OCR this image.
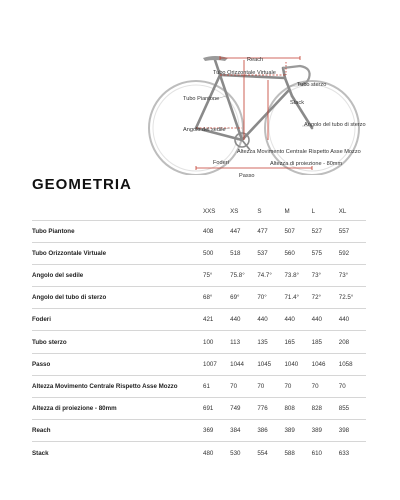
Reach
Tubo Orizzontale Virtuale
Tubo Piantone
Tubo sterzo
Stack
Angolo del tubo di sterzo
Angolo del sedile
Altezza Movimento Centrale Rispetto Asse Mozzo
Foderi	Altezza di proiezione - 80mm
Passo
GEOMETRIA
	XXS	XS	S	M	L	XL
Tubo Piantone	408	447	477	507	527	557
Tubo Orizzontale Virtuale	500	518	537	560	575	592
Angolo del sedile	75°	75.8°	74.7°	73.8°	73°	73°
Angolo del tubo di sterzo	68°	69°	70°	71.4°	72°	72.5°
Foderi	421	440	440	440	440	440
Tubo sterzo	100	113	135	165	185	208
Passo	1007	1044	1045	1040	1046	1058
Altezza Movimento Centrale Rispetto Asse Mozzo	61	70	70	70	70	70
Altezza di proiezione - 80mm	691	749	776	808	828	855
Reach	369	384	386	389	389	398
Stack	480	530	554	588	610	633
